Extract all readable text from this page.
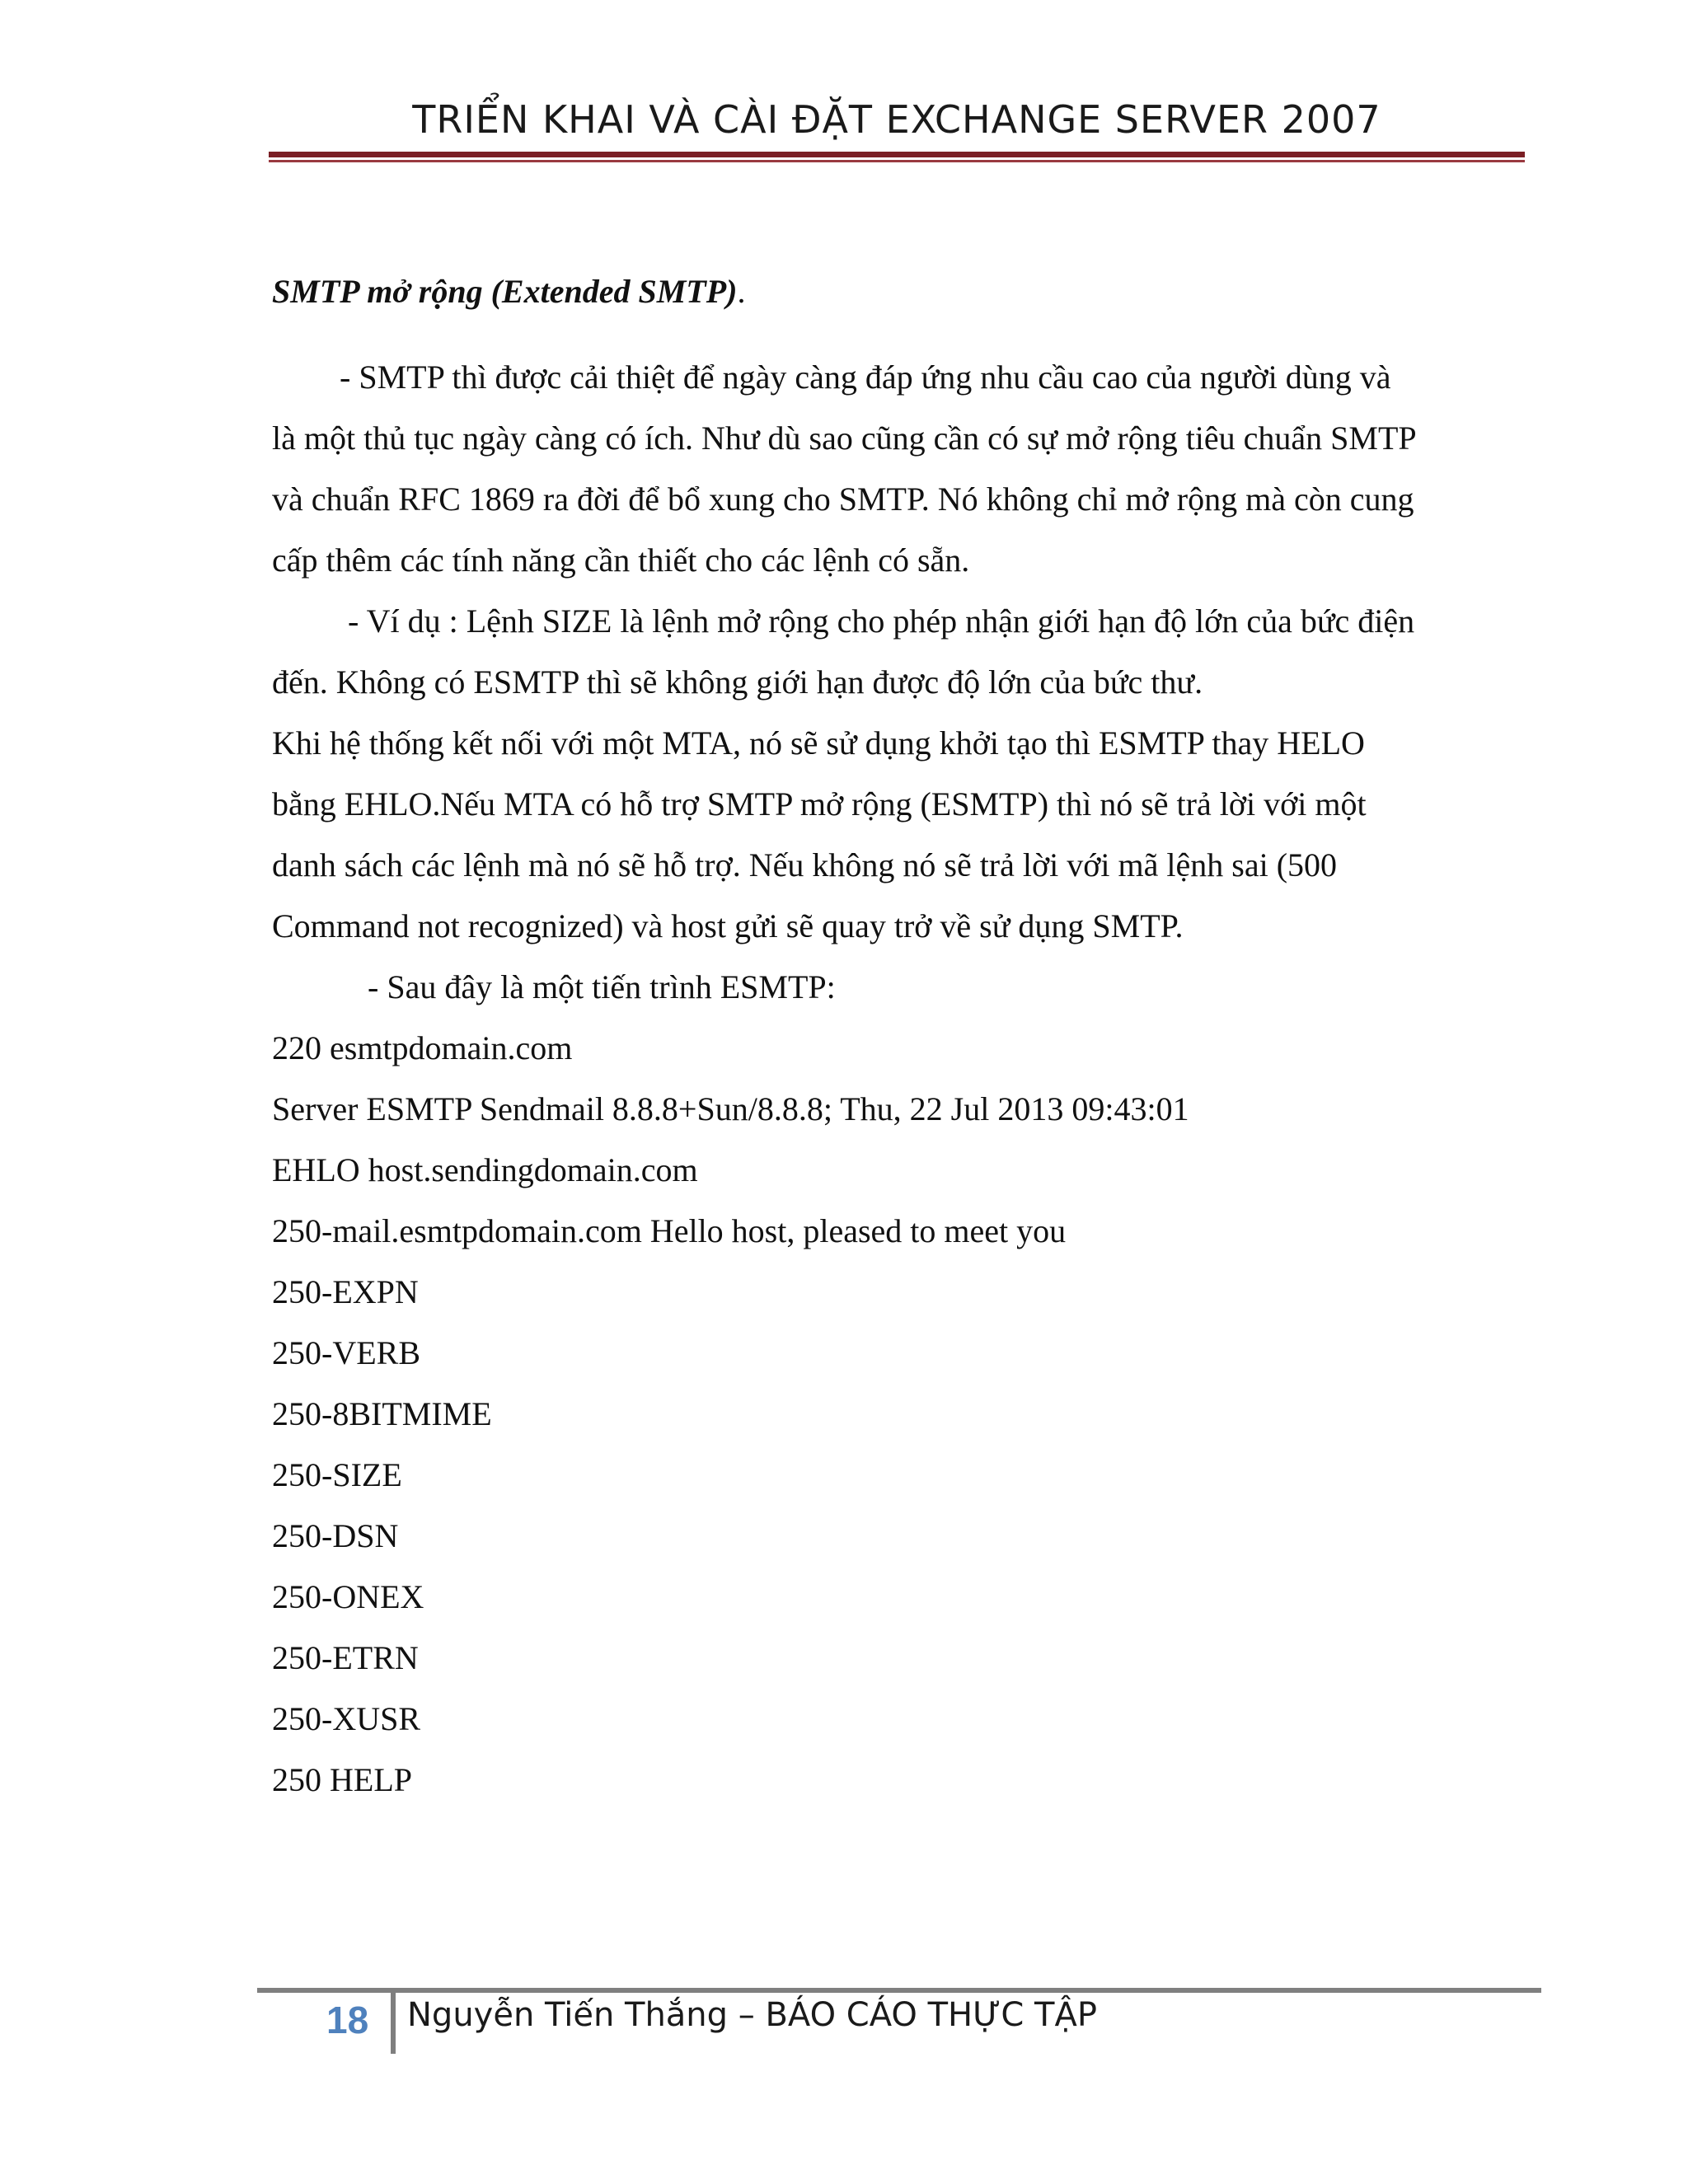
TRIỂN KHAI VÀ CÀI ĐẶT EXCHANGE SERVER 2007
SMTP mở rộng (Extended SMTP).
- SMTP thì được cải thiệt để ngày càng đáp ứng nhu cầu cao của người dùng và
là một thủ tục ngày càng có ích. Như dù sao cũng cần có sự mở rộng tiêu chuẩn SMTP
và chuẩn RFC 1869 ra đời để bổ xung cho SMTP. Nó không chỉ mở rộng mà còn cung
cấp thêm các tính năng cần thiết cho các lệnh có sẵn.
- Ví dụ : Lệnh SIZE là lệnh mở rộng cho phép nhận giới hạn độ lớn của bức điện
đến. Không có ESMTP thì sẽ không giới hạn được độ lớn của bức thư.
Khi hệ thống kết nối với một MTA, nó sẽ sử dụng khởi tạo thì ESMTP thay HELO
bằng EHLO.Nếu MTA có hỗ trợ SMTP mở rộng (ESMTP) thì nó sẽ trả lời với một
danh sách các lệnh mà nó sẽ hỗ trợ. Nếu không nó sẽ trả lời với mã lệnh sai (500
Command not recognized) và host gửi sẽ quay trở về sử dụng SMTP.
- Sau đây là một tiến trình ESMTP:
220 esmtpdomain.com
Server ESMTP Sendmail 8.8.8+Sun/8.8.8; Thu, 22 Jul 2013 09:43:01
EHLO host.sendingdomain.com
250-mail.esmtpdomain.com Hello host, pleased to meet you
250-EXPN
250-VERB
250-8BITMIME
250-SIZE
250-DSN
250-ONEX
250-ETRN
250-XUSR
250 HELP
18 Nguyễn Tiến Thắng – BÁO CÁO THỰC TẬP
